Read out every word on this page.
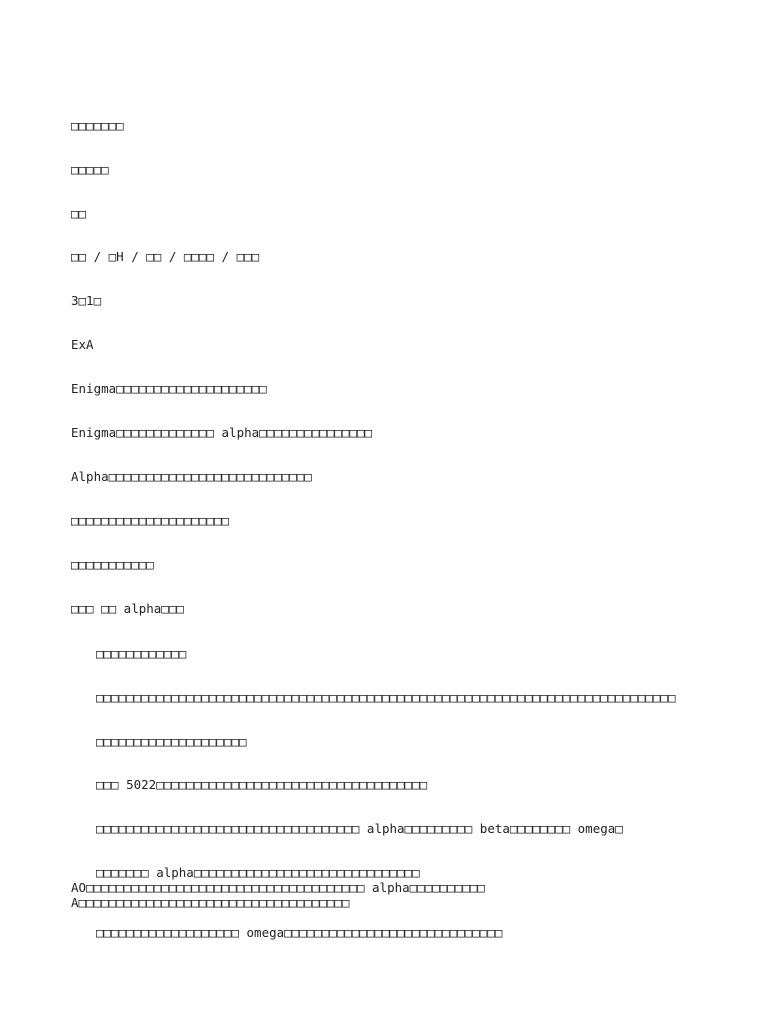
□□□□□□□
□□□□□
□□
□□ / □H / □□ / □□□□ / □□□
3□1□
ExA
Enigma□□□□□□□□□□□□□□□□□□□□
Enigma□□□□□□□□□□□□□ alpha□□□□□□□□□□□□□□□
Alpha□□□□□□□□□□□□□□□□□□□□□□□□□□□
□□□□□□□□□□□□□□□□□□□□□
□□□□□□□□□□□
□□□ □□ alpha□□□
□□□□□□□□□□□□
□□□□□□□□□□□□□□□□□□□□□□□□□□□□□□□□□□□□□□□□□□□□□□□□□□□□□□□□□□□□□□□□□□□□□□□□□□□□□
□□□□□□□□□□□□□□□□□□□□
□□□ 5022□□□□□□□□□□□□□□□□□□□□□□□□□□□□□□□□□□□□
□□□□□□□□□□□□□□□□□□□□□□□□□□□□□□□□□□□ alpha□□□□□□□□□ beta□□□□□□□□ omega□
□□□□□□□ alpha□□□□□□□□□□□□□□□□□□□□□□□□□□□□□□ AO□□□□□□□□□□□□□□□□□□□□□□□□□□□□□□□□□□□□□ alpha□□□□□□□□□□ A□□□□□□□□□□□□□□□□□□□□□□□□□□□□□□□□□□□□
□□□□□□□□□□□□□□□□□□□ omega□□□□□□□□□□□□□□□□□□□□□□□□□□□□□
